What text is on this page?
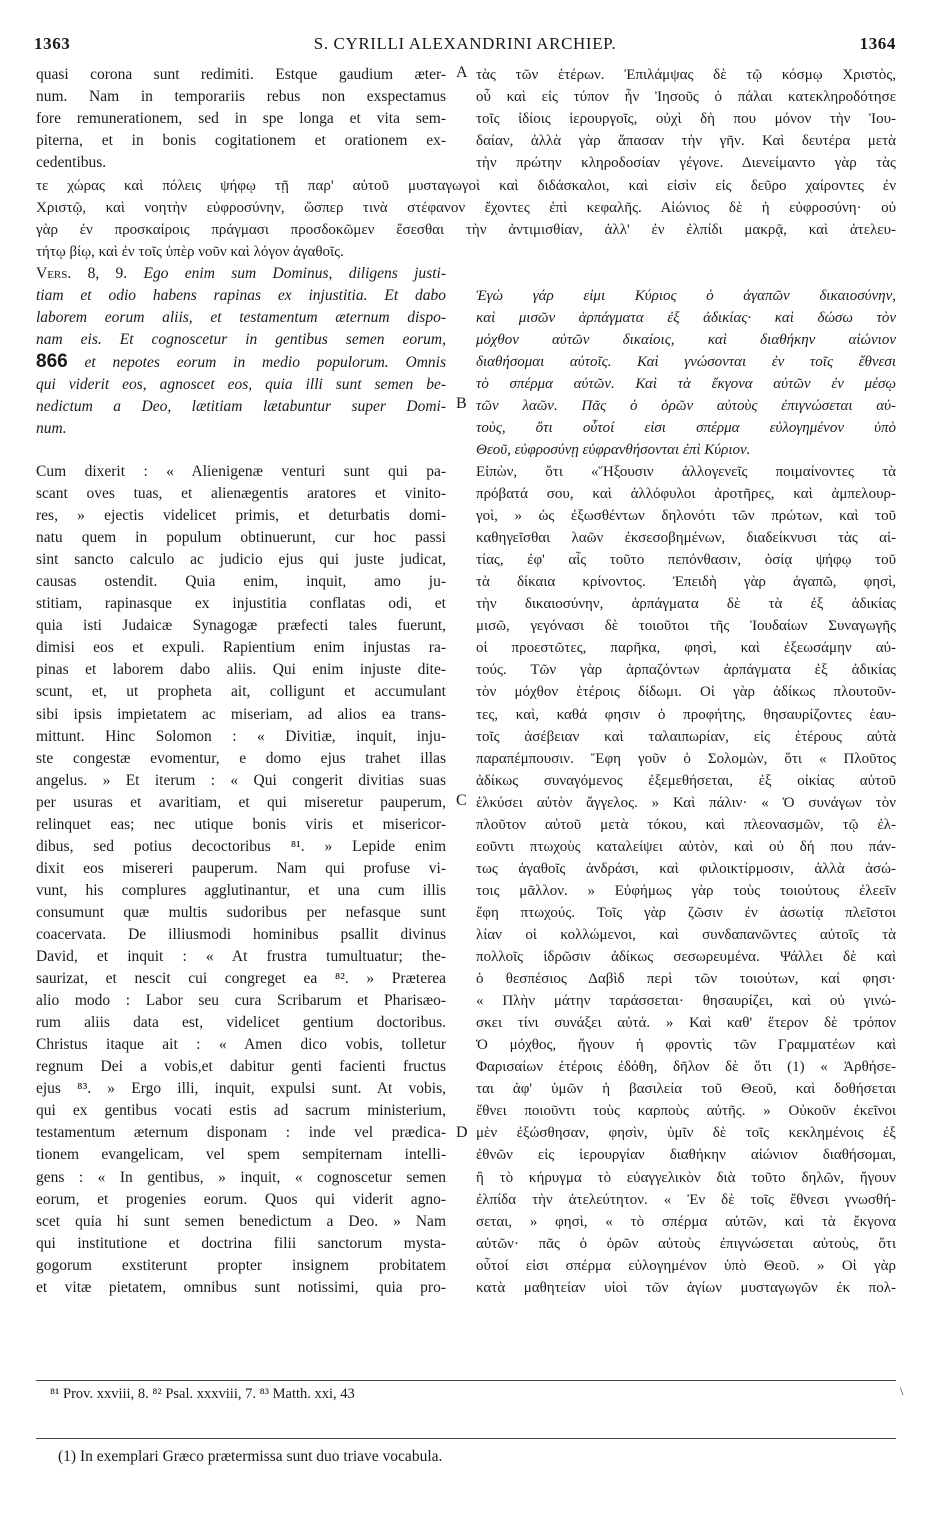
1363	S. CYRILLI ALEXANDRINI ARCHIEP.	1364
quasi corona sunt redimiti. Estque gaudium æter-
num. Nam in temporariis rebus non exspectamus
fore remunerationem, sed in spe longa et vita sem-
piterna, et in bonis cogitationem et orationem ex-
cedentibus.
A τὰς τῶν ἑτέρων. Ἐπιλάμψας δὲ τῷ κόσμῳ Χριστὸς,
οὗ καὶ εἰς τύπον ἦν Ἰησοῦς ὁ πάλαι κατεκληροδότησε
τοῖς ἰδίοις ἱερουργοῖς, οὐχὶ δὴ που μόνον τὴν Ἰου-
δαίαν, ἀλλὰ γὰρ ἅπασαν τὴν γῆν. Καὶ δευτέρα μετὰ
τὴν πρώτην κληροδοσίαν γέγονε. Διενείμαντο γὰρ τὰς
τε χώρας καὶ πόλεις ψήφῳ τῇ παρ' αὐτοῦ μυσταγωγοὶ καὶ διδάσκαλοι, καὶ εἰσὶν εἰς δεῦρο χαίροντες ἐν
Χριστῷ, καὶ νοητὴν εὐφροσύνην, ὥσπερ τινὰ στέφανον ἔχοντες ἐπὶ κεφαλῆς. Αἰώνιος δὲ ἡ εὐφροσύνη· οὐ
γὰρ ἐν προσκαίροις πράγμασι προσδοκῶμεν ἔσεσθαι τὴν ἀντιμισθίαν, ἀλλ' ἐν ἐλπίδι μακρᾷ, καὶ ἀτελευ-
τήτῳ βίῳ, καὶ ἐν τοῖς ὑπὲρ νοῦν καὶ λόγον ἀγαθοῖς.
Vers. 8, 9. Ego enim sum Dominus, diligens justi-
tiam et odio habens rapinas ex injustitia. Et dabo
laborem eorum aliis, et testamentum æternum dispo-
nam eis. Et cognoscetur in gentibus semen eorum,
866 et nepotes eorum in medio populorum. Omnis
qui viderit eos, agnoscet eos, quia illi sunt semen be-
nedictum a Deo, lætitiam lætabuntur super Domi-
num.
B
Ἐγὼ γάρ εἰμι Κύριος ὁ ἀγαπῶν δικαιοσύνην,
καὶ μισῶν ἁρπάγματα ἐξ ἀδικίας· καὶ δώσω τὸν
μόχθον αὐτῶν δικαίοις, καὶ διαθήκην αἰώνιον
διαθήσομαι αὐτοῖς. Καὶ γνώσονται ἐν τοῖς ἔθνεσι
τὸ σπέρμα αὐτῶν. Καὶ τὰ ἔκγονα αὐτῶν ἐν μέσῳ
τῶν λαῶν. Πᾶς ὁ ὁρῶν αὐτοὺς ἐπιγνώσεται αὐ-
τοὺς, ὅτι οὗτοί εἰσι σπέρμα εὐλογημένον ὑπὸ
Θεοῦ, εὐφροσύνῃ εὐφρανθήσονται ἐπὶ Κύριον.
Cum dixerit : « Alienigenæ venturi sunt qui pa-
scant oves tuas, et alienægentis aratores et vinito-
res, » ejectis videlicet primis, et deturbatis domi-
natu quem in populum obtinuerunt, cur hoc passi
sint sancto calculo ac judicio ejus qui juste judicat,
causas ostendit. Quia enim, inquit, amo ju-
stitiam, rapinasque ex injustitia conflatas odi, et
quia isti Judaicæ Synagogæ præfecti tales fuerunt,
dimisi eos et expuli. Rapientium enim injustas ra-
pinas et laborem dabo aliis. Qui enim injuste dite-
scunt, et, ut propheta ait, colligunt et accumulant
sibi ipsis impietatem ac miseriam, ad alios ea trans-
mittunt. Hinc Solomon : « Divitiæ, inquit, inju-
ste congestæ evomentur, e domo ejus trahet illas
angelus. » Et iterum : « Qui congerit divitias suas
per usuras et avaritiam, et qui miseretur pauperum,
relinquet eas; nec utique bonis viris et misericor-
dibus, sed potius decoctoribus ⁸¹. » Lepide enim
dixit eos misereri pauperum. Nam qui profuse vi-
vunt, his complures agglutinantur, et una cum illis
consumunt quæ multis sudoribus per nefasque sunt
coacervata. De illiusmodi hominibus psallit divinus
David, et inquit : « At frustra tumultuatur; the-
saurizat, et nescit cui congreget ea ⁸². » Præterea
alio modo : Labor seu cura Scribarum et Pharisæo-
rum aliis data est, videlicet gentium doctoribus.
Christus itaque ait : « Amen dico vobis, tolletur
regnum Dei a vobis,et dabitur genti facienti fructus
ejus ⁸³. » Ergo illi, inquit, expulsi sunt. At vobis,
qui ex gentibus vocati estis ad sacrum ministerium,
testamentum æternum disponam : inde vel prædica-
tionem evangelicam, vel spem sempiternam intelli-
gens : « In gentibus, » inquit, « cognoscetur semen
eorum, et progenies eorum. Quos qui viderit agno-
scet quia hi sunt semen benedictum a Deo. » Nam
qui institutione et doctrina filii sanctorum mysta-
gogorum exstiterunt propter insignem probitatem
et vitæ pietatem, omnibus sunt notissimi, quia pro-
C
D
Εἰπὼν, ὅτι «Ἥξουσιν ἀλλογενεῖς ποιμαίνοντες τὰ
πρόβατά σου, καὶ ἀλλόφυλοι ἀροτῆρες, καὶ ἀμπελουρ-
γοὶ, » ὡς ἐξωσθέντων δηλονότι τῶν πρώτων, καὶ τοῦ
καθηγεῖσθαι λαῶν ἐκσεσοβημένων, διαδείκνυσι τὰς αἰ-
τίας, ἐφ' αἷς τοῦτο πεπόνθασιν, ὁσίᾳ ψήφῳ τοῦ
τὰ δίκαια κρίνοντος. Ἐπειδὴ γὰρ ἀγαπῶ, φησὶ,
τὴν δικαιοσύνην, ἁρπάγματα δὲ τὰ ἐξ ἀδικίας
μισῶ, γεγόνασι δὲ τοιοῦτοι τῆς Ἰουδαίων Συναγωγῆς
οἱ προεστῶτες, παρῆκα, φησὶ, καὶ ἐξεωσάμην αὐ-
τούς. Τῶν γὰρ ἁρπαζόντων ἁρπάγματα ἐξ ἀδικίας
τὸν μόχθον ἑτέροις δίδωμι. Οἱ γὰρ ἀδίκως πλουτοῦν-
τες, καὶ, καθά φησιν ὁ προφήτης, θησαυρίζοντες ἑαυ-
τοῖς ἀσέβειαν καὶ ταλαιπωρίαν, εἰς ἑτέρους αὐτὰ
παραπέμπουσιν. Ἔφη γοῦν ὁ Σολομὼν, ὅτι « Πλοῦτος
ἀδίκως συναγόμενος ἐξεμεθήσεται, ἐξ οἰκίας αὐτοῦ
ἑλκύσει αὐτὸν ἄγγελος. » Καὶ πάλιν· « Ὁ συνάγων τὸν
πλοῦτον αὐτοῦ μετὰ τόκου, καὶ πλεονασμῶν, τῷ ἐλ-
εοῦντι πτωχοὺς καταλείψει αὐτὸν, καὶ οὐ δή που πάν-
τως ἀγαθοῖς ἀνδράσι, καὶ φιλοικτίρμοσιν, ἀλλὰ ἀσώ-
τοις μᾶλλον. » Εὐφήμως γὰρ τοὺς τοιούτους ἐλεεῖν
ἔφη πτωχούς. Τοῖς γὰρ ζῶσιν ἐν ἀσωτίᾳ πλεῖστοι
λίαν οἱ κολλώμενοι, καὶ συνδαπανῶντες αὐτοῖς τὰ
πολλοῖς ἱδρῶσιν ἀδίκως σεσωρευμένα. Ψάλλει δὲ καὶ
ὁ θεσπέσιος Δαβὶδ περὶ τῶν τοιούτων, καί φησι·
« Πλὴν μάτην ταράσσεται· θησαυρίζει, καὶ οὐ γινώ-
σκει τίνι συνάξει αὐτά. » Καὶ καθ' ἕτερον δὲ τρόπον
Ὁ μόχθος, ἤγουν ἡ φροντὶς τῶν Γραμματέων καὶ
Φαρισαίων ἑτέροις ἐδόθη, δῆλον δὲ ὅτι (1) « Ἀρθήσε-
ται ἀφ' ὑμῶν ἡ βασιλεία τοῦ Θεοῦ, καὶ δοθήσεται
ἔθνει ποιοῦντι τοὺς καρποὺς αὐτῆς. » Οὐκοῦν ἐκεῖνοι
μὲν ἐξώσθησαν, φησὶν, ὑμῖν δὲ τοῖς κεκλημένοις ἐξ
ἐθνῶν εἰς ἱερουργίαν διαθήκην αἰώνιον διαθήσομαι,
ἢ τὸ κήρυγμα τὸ εὐαγγελικὸν διὰ τοῦτο δηλῶν, ἤγουν
ἐλπίδα τὴν ἀτελεύτητον. « Ἐν δὲ τοῖς ἔθνεσι γνωσθή-
σεται, » φησὶ, « τὸ σπέρμα αὐτῶν, καὶ τὰ ἔκγονα
αὐτῶν· πᾶς ὁ ὁρῶν αὐτοὺς ἐπιγνώσεται αὐτοὺς, ὅτι
οὗτοί εἰσι σπέρμα εὐλογημένον ὑπὸ Θεοῦ. » Οἱ γὰρ
κατὰ μαθητείαν υἱοὶ τῶν ἁγίων μυσταγωγῶν ἐκ πολ-
⁸¹ Prov. xxviii, 8. ⁸² Psal. xxxviii, 7. ⁸³ Matth. xxi, 43	\
(1) In exemplari Græco prætermissa sunt duo triave vocabula.
